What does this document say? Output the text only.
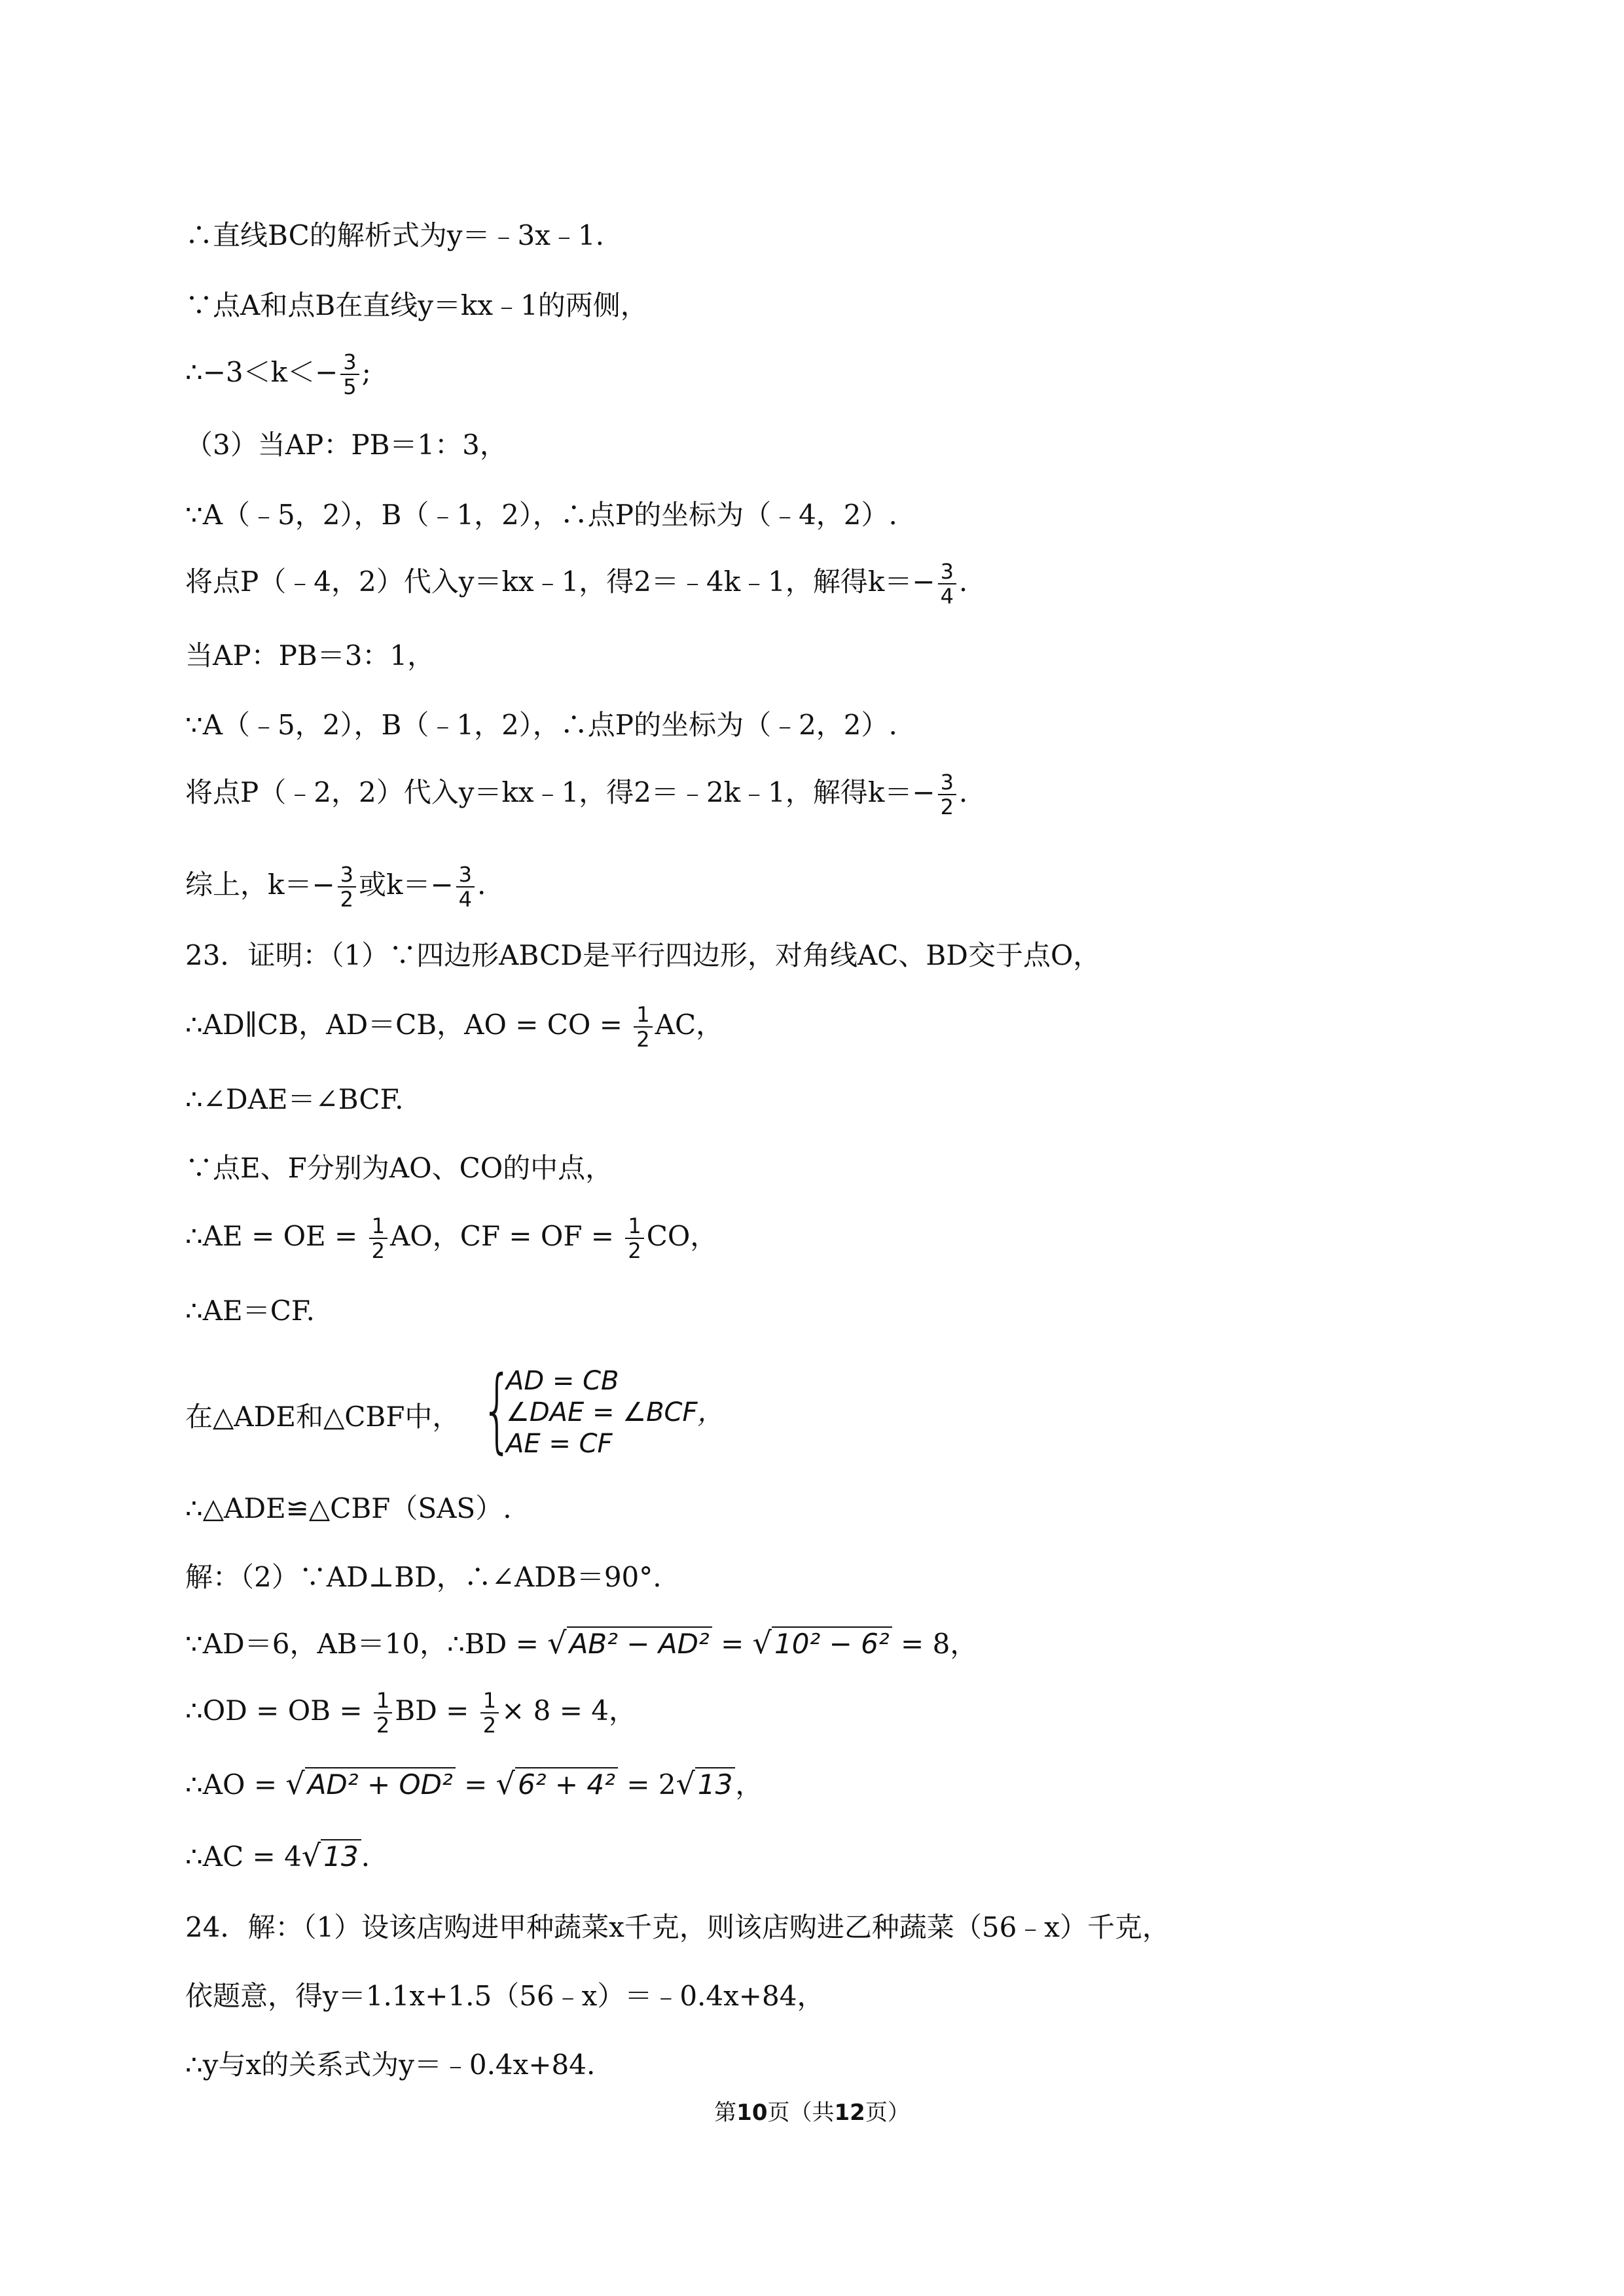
∴直线BC的解析式为y＝﹣3x﹣1.
∵点A和点B在直线y＝kx﹣1的两侧，
∴−3＜k＜− $\frac{3}{5}$ ;
（3）当AP：PB＝1：3，
∵A（﹣5，2），B（﹣1，2），∴点P的坐标为（﹣4，2）.
将点P（﹣4，2）代入y＝kx﹣1，得2＝﹣4k﹣1，解得$k=- \frac{3}{4}$ .
当AP：PB＝3：1，
∵A（﹣5，2），B（﹣1，2），∴点P的坐标为（﹣2，2）.
将点P（﹣2，2）代入y＝kx﹣1，得2＝﹣2k﹣1，解得$k=- \frac{3}{2}$ .
综上，$k=- \frac{3}{2}$ 或$k=- \frac{3}{4}$ .
23．证明：（1）∵四边形ABCD是平行四边形，对角线AC、BD交于点O，
∴AD∥CB，AD＝CB，AO = CO = $\frac{1}{2}$ AC，
∴∠DAE＝∠BCF.
∵点E、F分别为AO、CO的中点，
∴AE = OE = $\frac{1}{2}$ AO，CF = OF = $\frac{1}{2}$ CO，
∴AE＝CF.
在△ADE和△CBF中， {
AD = CB
∠DAE = ∠BCF，
AE = CF
∴△ADE≌△CBF（SAS）.
解：（2）∵AD⊥BD，∴∠ADB＝90°.
∵AD＝6，AB＝10，∴BD = √AB² − AD² = √10² − 6² = 8，
∴OD = OB = $\frac{1}{2}$ BD = $\frac{1}{2} \times 8 = 4$，
∴AO = √AD² + OD² = √6² + 4² = 2√13，
∴AC = 4√13.
24．解：（1）设该店购进甲种蔬菜x千克，则该店购进乙种蔬菜（56﹣x）千克，
依题意，得y＝1.1x+1.5（56﹣x）＝﹣0.4x+84，
∴y与x的关系式为y＝﹣0.4x+84.
第10页（共12页）
